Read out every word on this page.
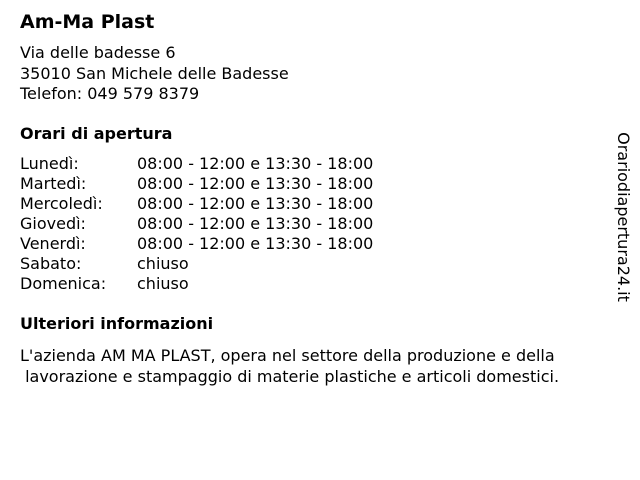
Am-Ma Plast
Via delle badesse 6
35010 San Michele delle Badesse
Telefon: 049 579 8379
Orari di apertura
Lunedì:	08:00 - 12:00 e 13:30 - 18:00
Martedì:	08:00 - 12:00 e 13:30 - 18:00
Mercoledì:	08:00 - 12:00 e 13:30 - 18:00
Giovedì:	08:00 - 12:00 e 13:30 - 18:00
Venerdì:	08:00 - 12:00 e 13:30 - 18:00
Sabato:	chiuso
Domenica:	chiuso
Ulteriori informazioni
L'azienda AM MA PLAST, opera nel settore della produzione e della
lavorazione e stampaggio di materie plastiche e articoli domestici.
Orariodiapertura24.it
